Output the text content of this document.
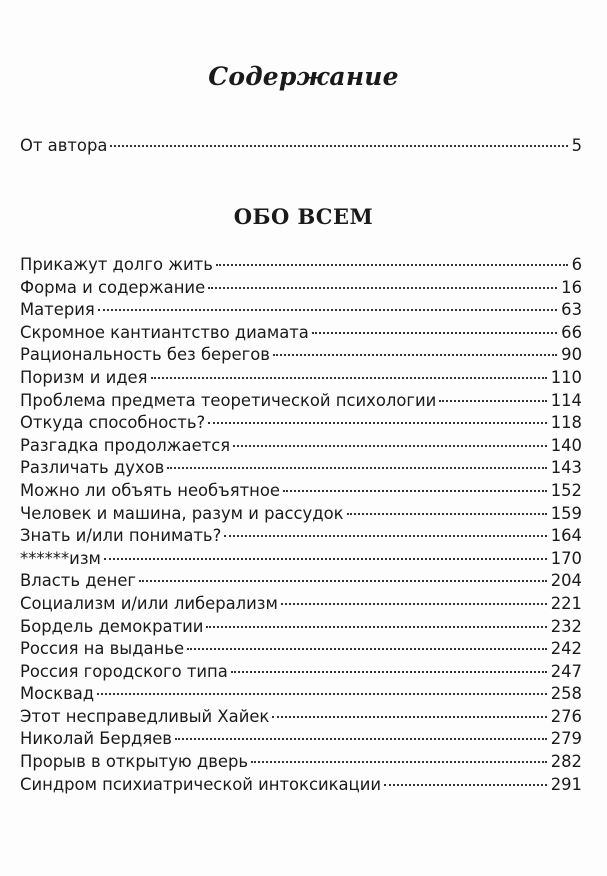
Содержание
От автора	5
ОБО ВСЕМ
Прикажут долго жить	6
Форма и содержание	16
Материя	63
Скромное кантиантство диамата	66
Рациональность без берегов	90
Поризм и идея	110
Проблема предмета теоретической психологии	114
Откуда способность?	118
Разгадка продолжается	140
Различать духов	143
Можно ли объять необъятное	152
Человек и машина, разум и рассудок	159
Знать и/или понимать?	164
******изм	170
Власть денег	204
Социализм и/или либерализм	221
Бордель демократии	232
Россия на выданье	242
Россия городского типа	247
Москвад	258
Этот несправедливый Хайек	276
Николай Бердяев	279
Прорыв в открытую дверь	282
Синдром психиатрической интоксикации	291
